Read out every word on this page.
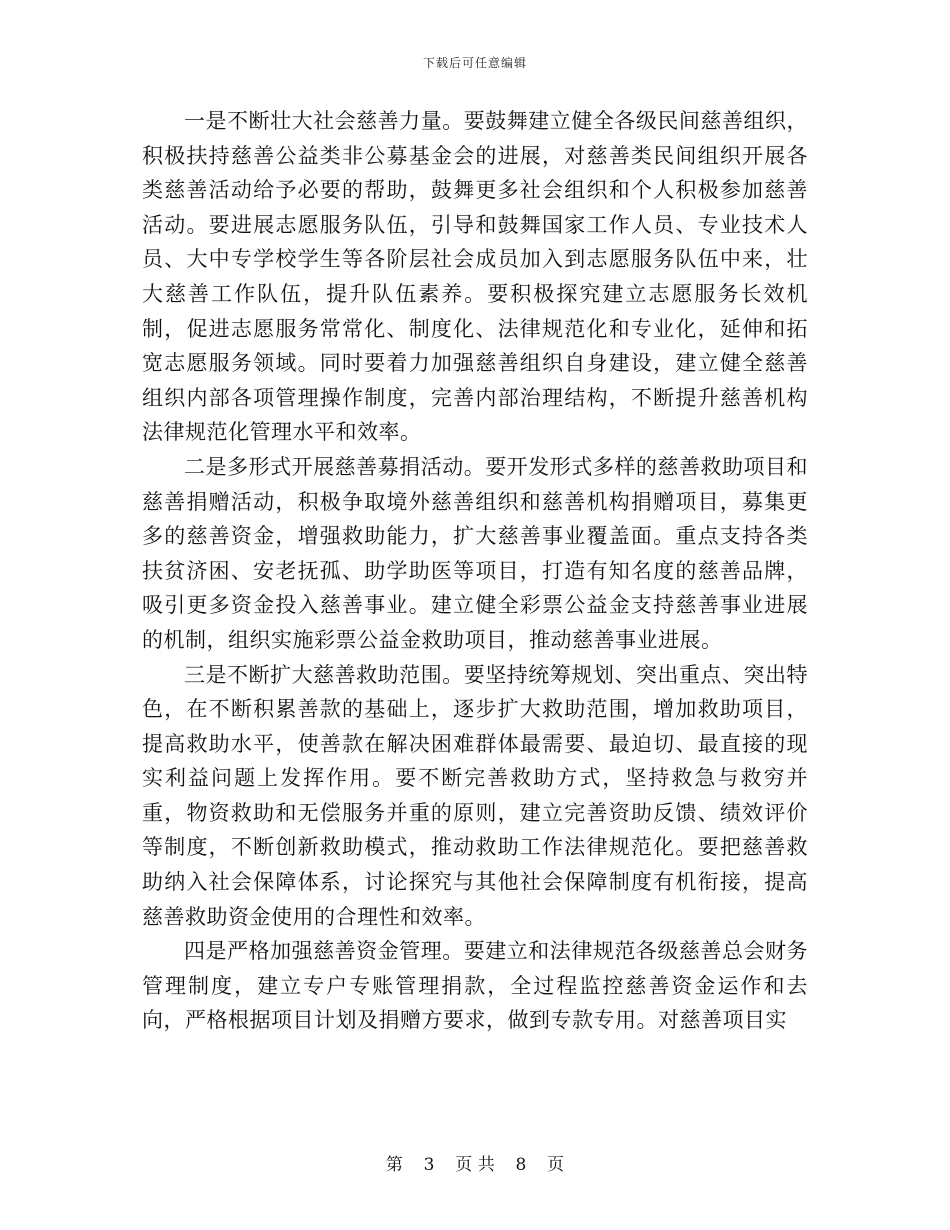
下载后可任意编辑

一是不断壮大社会慈善力量。要鼓舞建立健全各级民间慈善组织，积极扶持慈善公益类非公募基金会的进展，对慈善类民间组织开展各类慈善活动给予必要的帮助，鼓舞更多社会组织和个人积极参加慈善活动。要进展志愿服务队伍，引导和鼓舞国家工作人员、专业技术人员、大中专学校学生等各阶层社会成员加入到志愿服务队伍中来，壮大慈善工作队伍，提升队伍素养。要积极探究建立志愿服务长效机制，促进志愿服务常常化、制度化、法律规范化和专业化，延伸和拓宽志愿服务领域。同时要着力加强慈善组织自身建设，建立健全慈善组织内部各项管理操作制度，完善内部治理结构，不断提升慈善机构法律规范化管理水平和效率。

二是多形式开展慈善募捐活动。要开发形式多样的慈善救助项目和慈善捐赠活动，积极争取境外慈善组织和慈善机构捐赠项目，募集更多的慈善资金，增强救助能力，扩大慈善事业覆盖面。重点支持各类扶贫济困、安老抚孤、助学助医等项目，打造有知名度的慈善品牌，吸引更多资金投入慈善事业。建立健全彩票公益金支持慈善事业进展的机制，组织实施彩票公益金救助项目，推动慈善事业进展。

三是不断扩大慈善救助范围。要坚持统筹规划、突出重点、突出特色，在不断积累善款的基础上，逐步扩大救助范围，增加救助项目，提高救助水平，使善款在解决困难群体最需要、最迫切、最直接的现实利益问题上发挥作用。要不断完善救助方式，坚持救急与救穷并重，物资救助和无偿服务并重的原则，建立完善资助反馈、绩效评价等制度，不断创新救助模式，推动救助工作法律规范化。要把慈善救助纳入社会保障体系，讨论探究与其他社会保障制度有机衔接，提高慈善救助资金使用的合理性和效率。

四是严格加强慈善资金管理。要建立和法律规范各级慈善总会财务管理制度，建立专户专账管理捐款，全过程监控慈善资金运作和去向，严格根据项目计划及捐赠方要求，做到专款专用。对慈善项目实

第 3 页 共 8 页
